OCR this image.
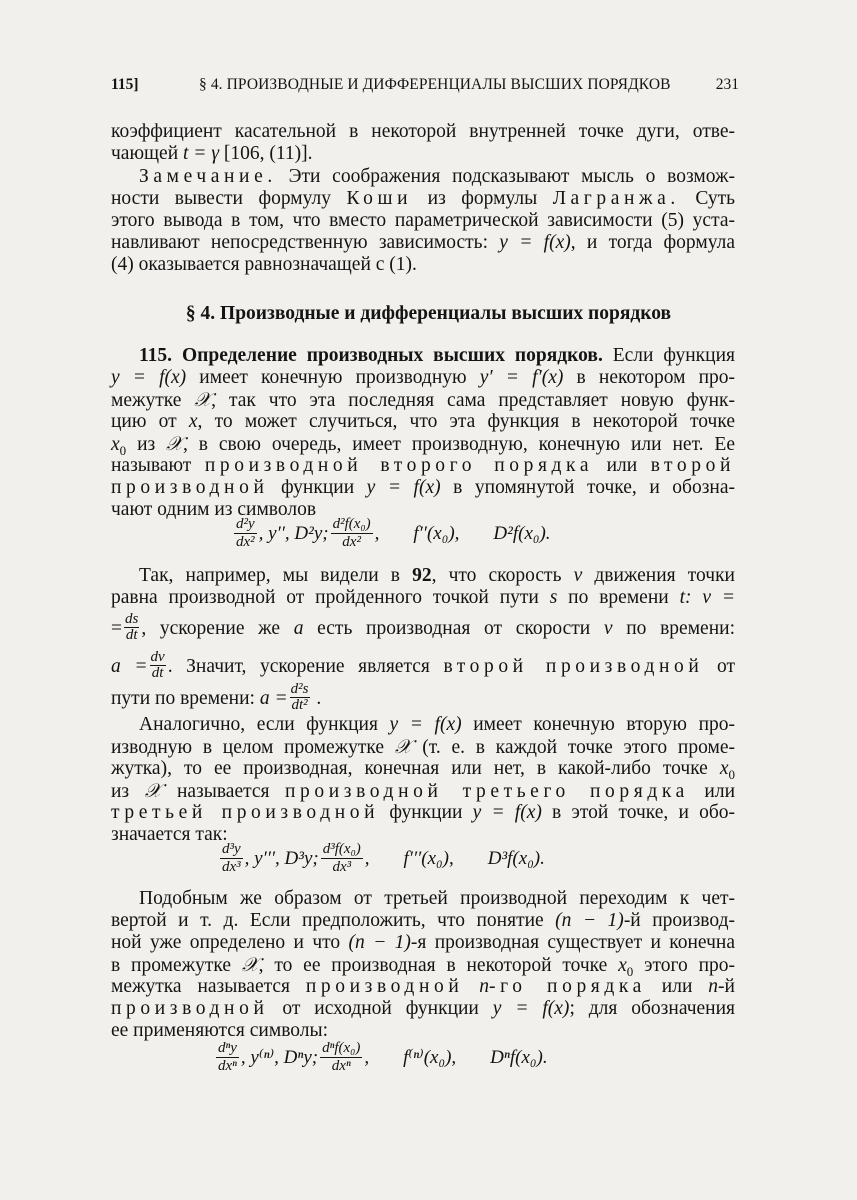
115]	§ 4. ПРОИЗВОДНЫЕ И ДИФФЕРЕНЦИАЛЫ ВЫСШИХ ПОРЯДКОВ	231
коэффициент касательной в некоторой внутренней точке дуги, отве-
чающей t = γ [106, (11)].
Замечание. Эти соображения подсказывают мысль о возмож-
ности вывести формулу Коши из формулы Лагранжа. Суть
этого вывода в том, что вместо параметрической зависимости (5) уста-
навливают непосредственную зависимость: y = f(x), и тогда формула
(4) оказывается равнозначащей с (1).
§ 4. Производные и дифференциалы высших порядков
115. Определение производных высших порядков. Если функция
y = f(x) имеет конечную производную y′ = f′(x) в некотором про-
межутке 𝒳, так что эта последняя сама представляет новую функ-
цию от x, то может случиться, что эта функция в некоторой точке
$x_0$ из 𝒳, в свою очередь, имеет производную, конечную или нет. Ее
называют производной второго порядка или второй
производной функции y = f(x) в упомянутой точке, и обозна-
чают одним из символов
$\frac{\text{d²y}}{\text{dx²}}$ , y′′, D²y; $\frac{\text{d²f(x₀)}}{\text{dx²}}$ , f′′(x₀), D²f(x₀).
Так, например, мы видели в 92, что скорость v движения точки
равна производной от пройденного точкой пути s по времени t: v =
= $\frac{ds}{dt}$ , ускорение же a есть производная от скорости v по времени:
$a = \frac{dv}{dt}$ . Значит, ускорение является второй производной от
пути по времени: $a = \frac{\text{d²s}}{\text{dt²}}$ .
Аналогично, если функция y = f(x) имеет конечную вторую про-
изводную в целом промежутке 𝒳 (т. е. в каждой точке этого проме-
жутка), то ее производная, конечная или нет, в какой-либо точке $x_0$
из 𝒳 называется производной третьего порядка или
третьей производной функции y = f(x) в этой точке, и обо-
значается так:
$\frac{\text{d³y}}{\text{dx³}}$ , y′′′, D³y; $\frac{\text{d³f(x₀)}}{\text{dx³}}$ , f′′′(x₀), D³f(x₀).
Подобным же образом от третьей производной переходим к чет-
вертой и т. д. Если предположить, что понятие (n − 1)-й производ-
ной уже определено и что (n − 1)-я производная существует и конечна
в промежутке 𝒳, то ее производная в некоторой точке $x_0$ этого про-
межутка называется производной n-го порядка или n-й
производной от исходной функции y = f(x); для обозначения
ее применяются символы:
$\frac{\text{dⁿy}}{\text{dxⁿ}}$ , y⁽ⁿ⁾, Dⁿy; $\frac{\text{dⁿf(x₀)}}{\text{dxⁿ}}$ , f⁽ⁿ⁾(x₀), Dⁿf(x₀).
